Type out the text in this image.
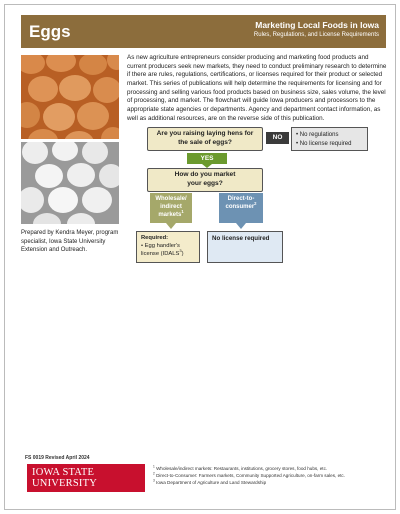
Eggs	Marketing Local Foods in Iowa
Rules, Regulations, and License Requirements
Prepared by Kendra Meyer, program specialist, Iowa State University Extension and Outreach.
As new agriculture entrepreneurs consider producing and marketing food products and current producers seek new markets, they need to conduct preliminary research to determine if there are rules, regulations, certifications, or licenses required for their product or selected market. This series of publications will help determine the requirements for licensing and for processing and selling various food products based on business size, sales volume, the level of processing, and market. The flowchart will guide Iowa producers and processors to the appropriate state agencies or departments. Agency and department contact information, as well as additional resources, are on the reverse side of this publication.
Are you raising laying hens for
the sale of eggs?
NO	• No regulations
• No license required
YES
How do you market
your eggs?
Wholesale/
indirect
markets$^1$
Direct-to-
consumer$^2$
Required:
• Egg handler's license (IDALS$^3$)
No license required
FS 0019 Revised April 2024
IOWA STATE UNIVERSITY
Extension and Outreach
$^1$ Wholesale/indirect markets: Restaurants, institutions, grocery stores, food hubs, etc.
$^2$ Direct-to-Consumer: Farmers markets, Community Supported Agriculture, on-farm sales, etc.
$^3$ Iowa Department of Agriculture and Land Stewardship
